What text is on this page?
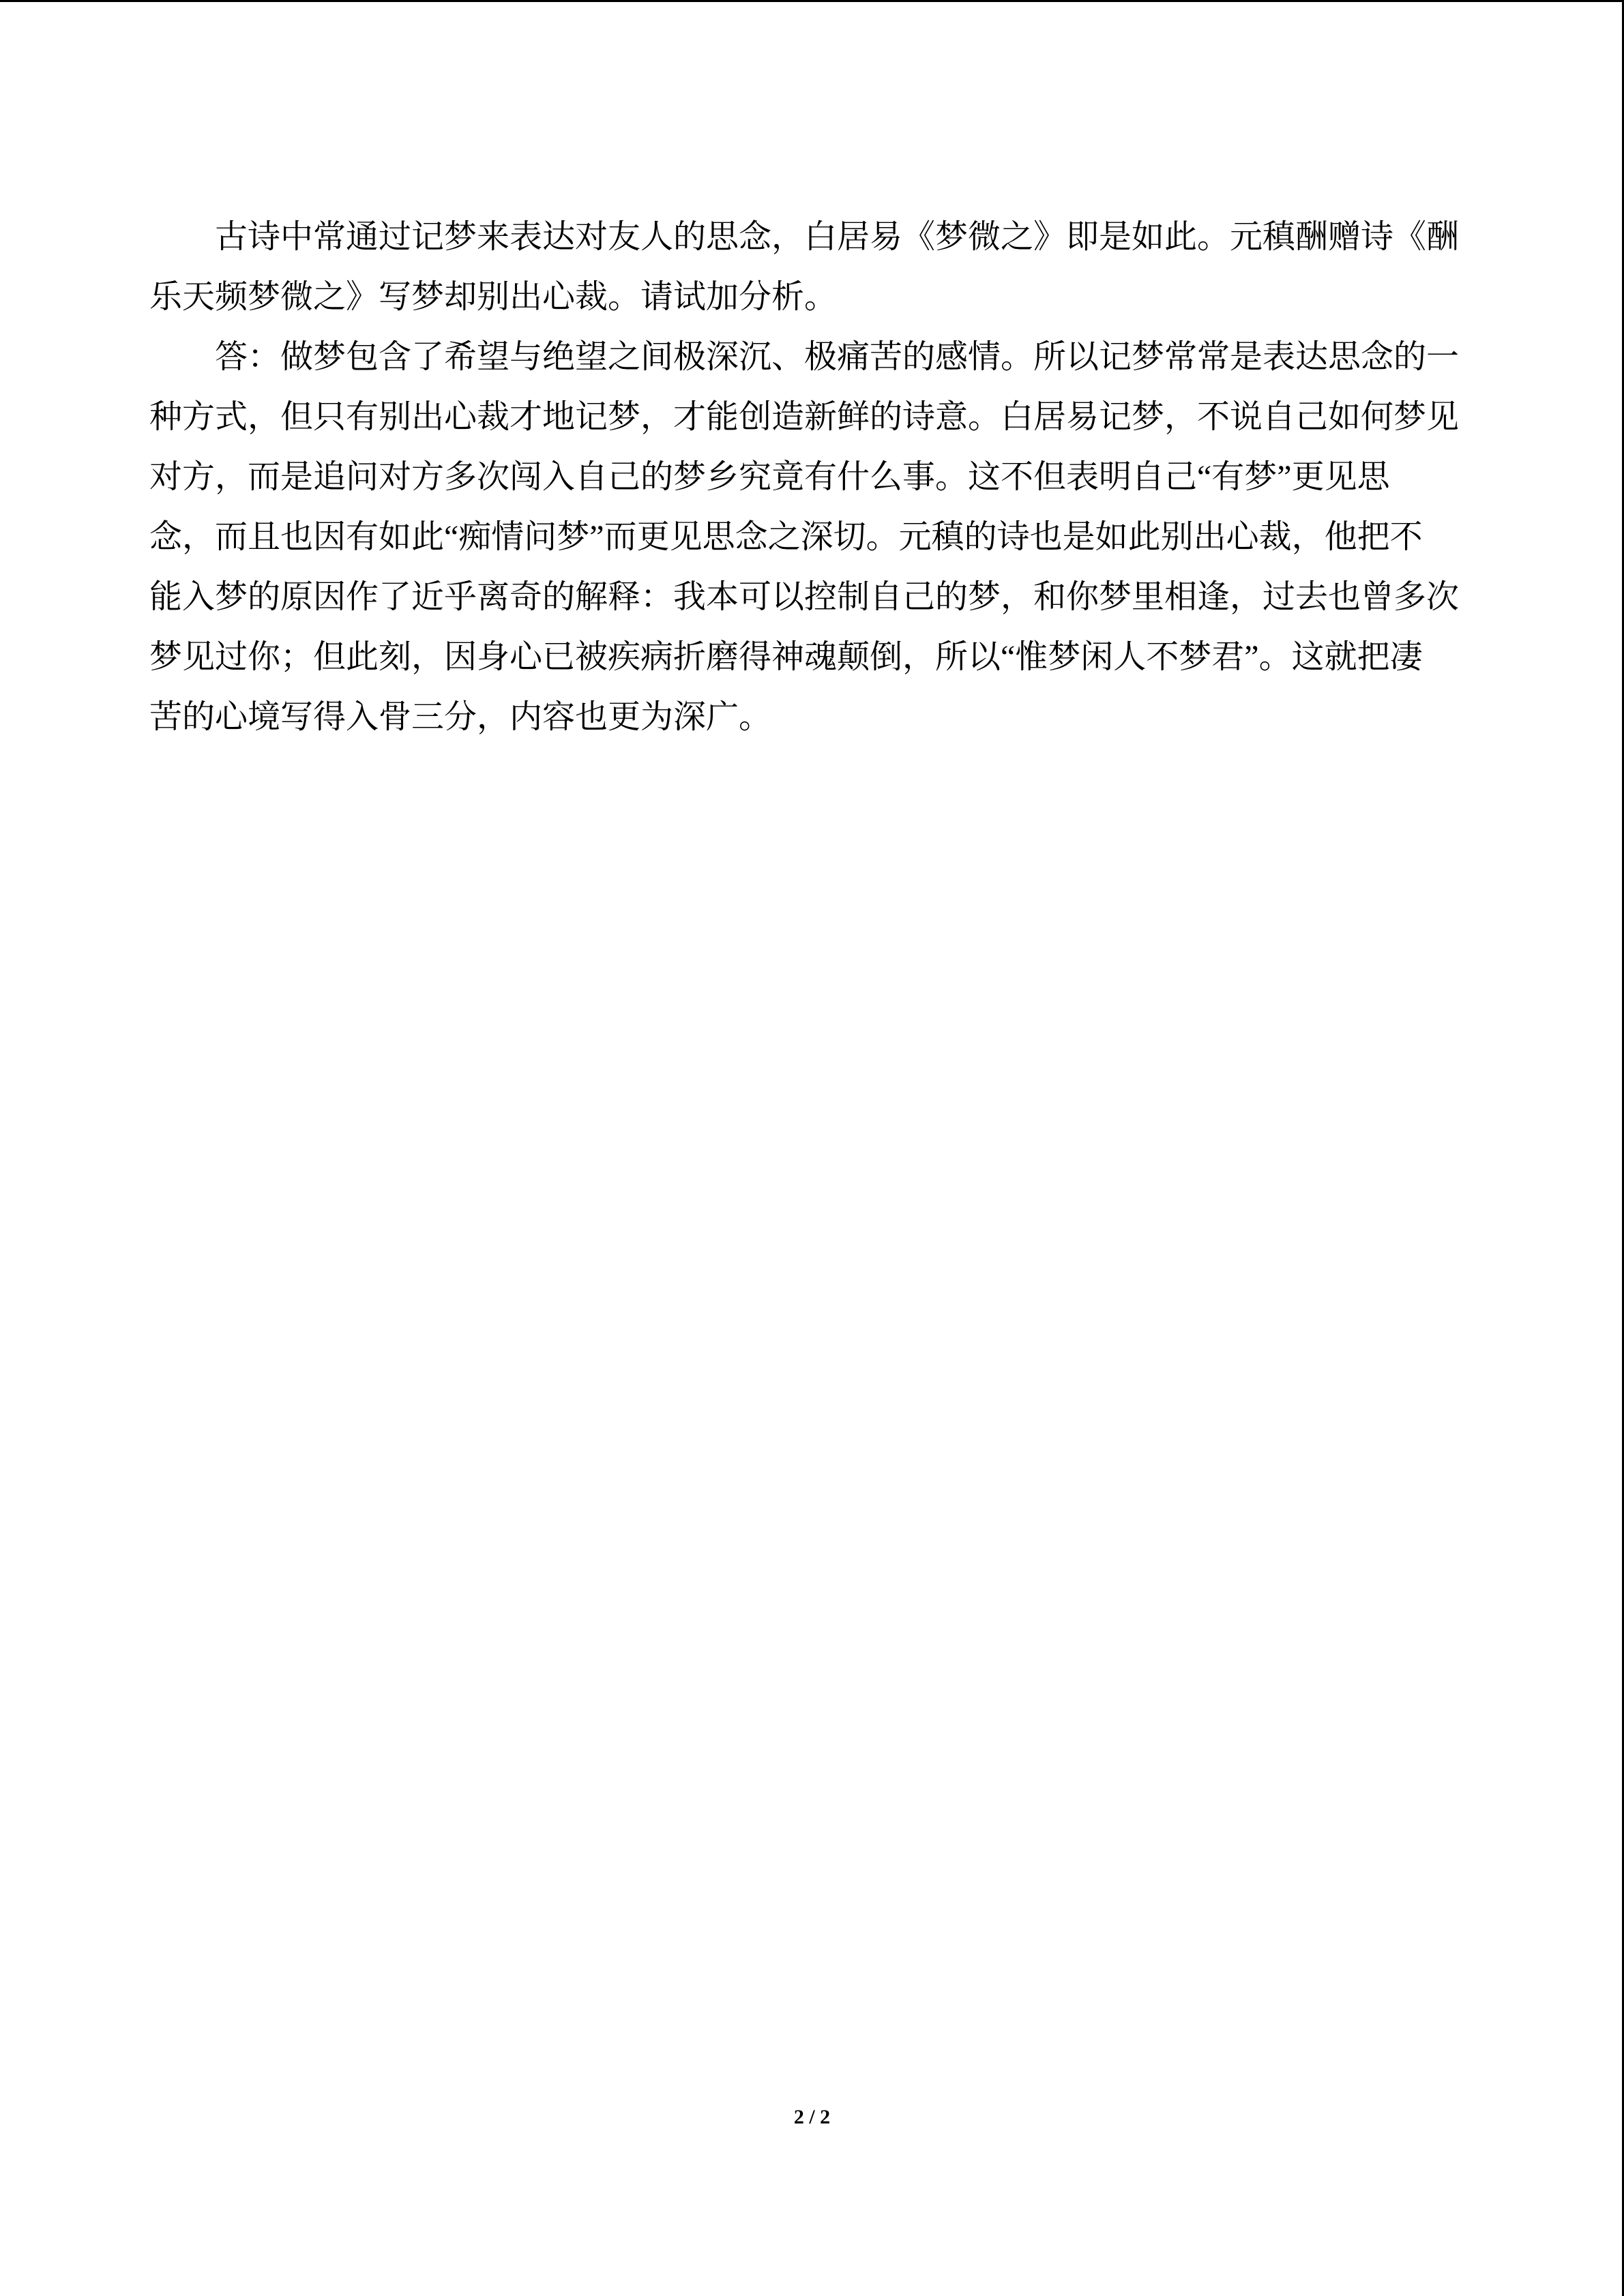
古诗中常通过记梦来表达对友人的思念，白居易《梦微之》即是如此。元稹酬赠诗《酬
乐天频梦微之》写梦却别出心裁。请试加分析。
答：做梦包含了希望与绝望之间极深沉、极痛苦的感情。所以记梦常常是表达思念的一
种方式，但只有别出心裁才地记梦，才能创造新鲜的诗意。白居易记梦，不说自己如何梦见
对方，而是追问对方多次闯入自己的梦乡究竟有什么事。这不但表明自己“有梦”更见思
念，而且也因有如此“痴情问梦”而更见思念之深切。元稹的诗也是如此别出心裁，他把不
能入梦的原因作了近乎离奇的解释：我本可以控制自己的梦，和你梦里相逢，过去也曾多次
梦见过你；但此刻，因身心已被疾病折磨得神魂颠倒，所以“惟梦闲人不梦君”。这就把凄
苦的心境写得入骨三分，内容也更为深广。
2 / 2
